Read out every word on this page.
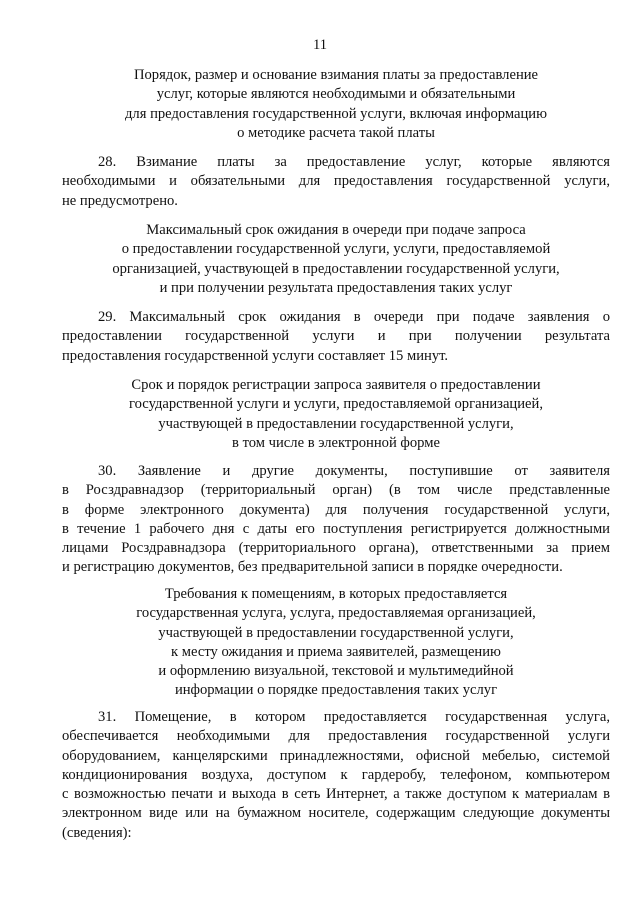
11
Порядок, размер и основание взимания платы за предоставление
услуг, которые являются необходимыми и обязательными
для предоставления государственной услуги, включая информацию
о методике расчета такой платы
28. Взимание платы за предоставление услуг, которые являются
необходимыми и обязательными для предоставления государственной услуги,
не предусмотрено.
Максимальный срок ожидания в очереди при подаче запроса
о предоставлении государственной услуги, услуги, предоставляемой
организацией, участвующей в предоставлении государственной услуги,
и при получении результата предоставления таких услуг
29. Максимальный срок ожидания в очереди при подаче заявления о
предоставлении государственной услуги и при получении результата
предоставления государственной услуги составляет 15 минут.
Срок и порядок регистрации запроса заявителя о предоставлении
государственной услуги и услуги, предоставляемой организацией,
участвующей в предоставлении государственной услуги,
в том числе в электронной форме
30. Заявление и другие документы, поступившие от заявителя
в Росздравнадзор (территориальный орган) (в том числе представленные
в форме электронного документа) для получения государственной услуги,
в течение 1 рабочего дня с даты его поступления регистрируется должностными
лицами Росздравнадзора (территориального органа), ответственными за прием
и регистрацию документов, без предварительной записи в порядке очередности.
Требования к помещениям, в которых предоставляется
государственная услуга, услуга, предоставляемая организацией,
участвующей в предоставлении государственной услуги,
к месту ожидания и приема заявителей, размещению
и оформлению визуальной, текстовой и мультимедийной
информации о порядке предоставления таких услуг
31. Помещение, в котором предоставляется государственная услуга,
обеспечивается необходимыми для предоставления государственной услуги
оборудованием, канцелярскими принадлежностями, офисной мебелью, системой
кондиционирования воздуха, доступом к гардеробу, телефоном, компьютером
с возможностью печати и выхода в сеть Интернет, а также доступом к материалам в
электронном виде или на бумажном носителе, содержащим следующие документы
(сведения):
